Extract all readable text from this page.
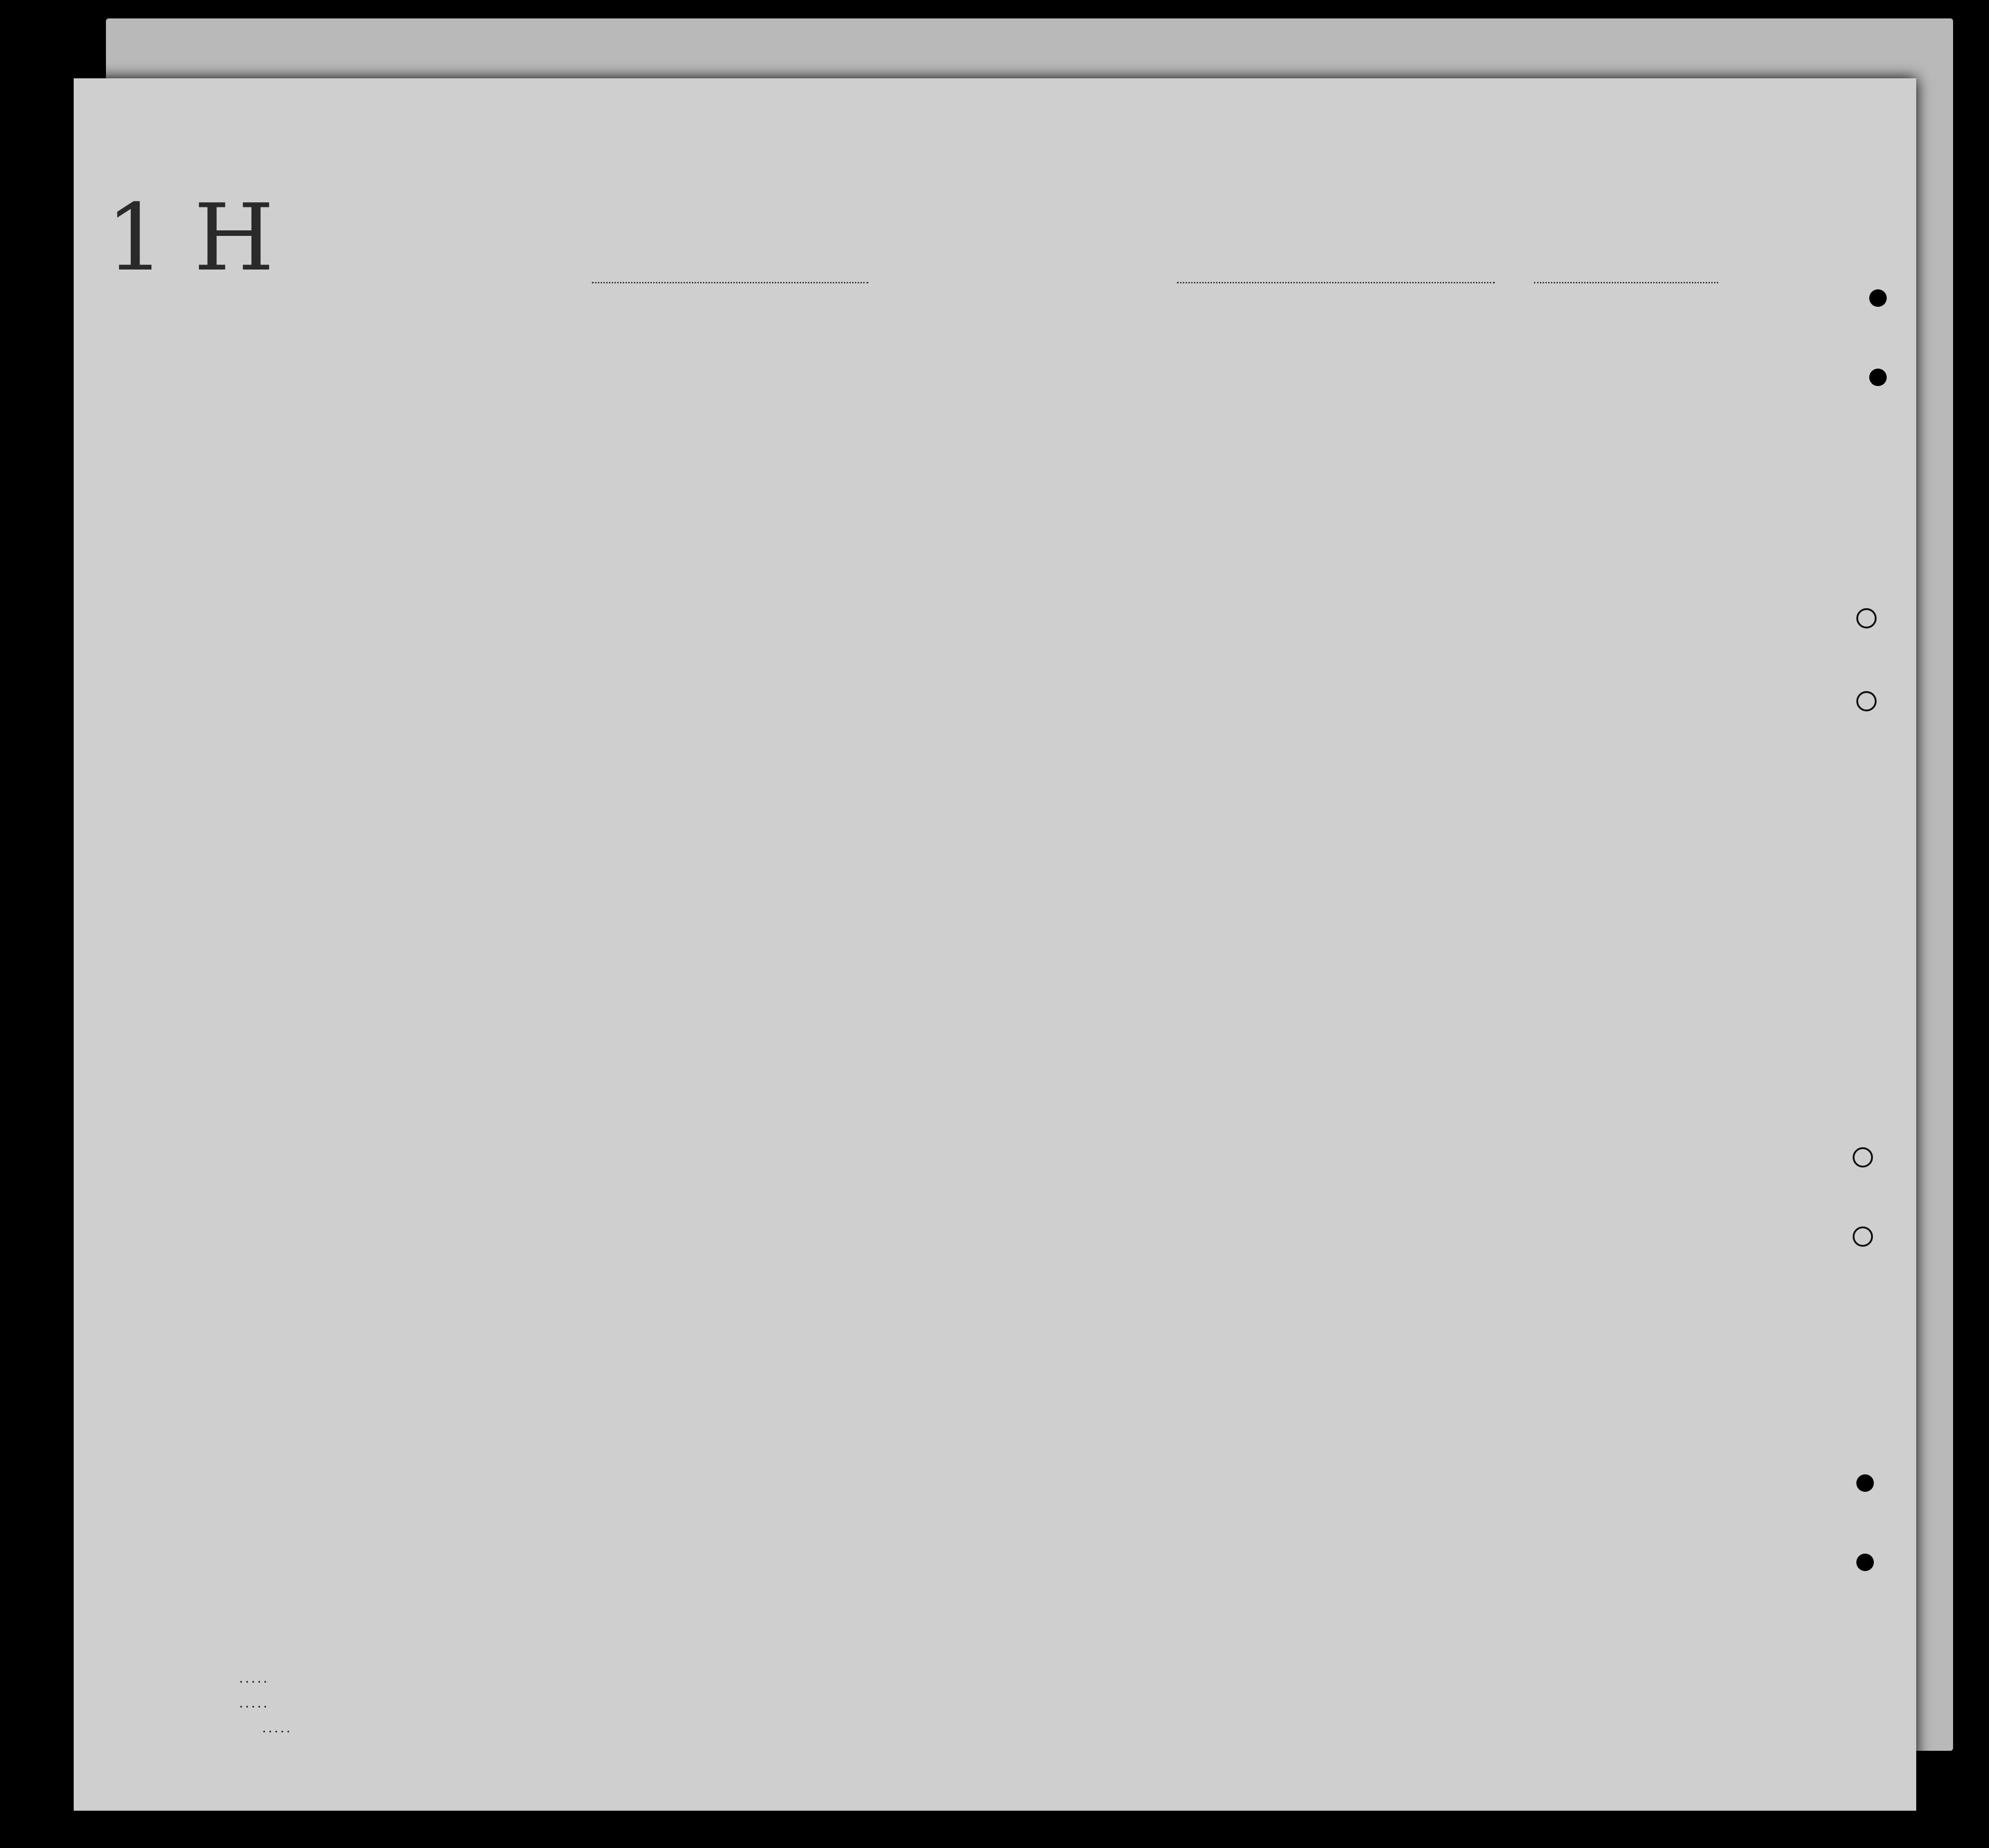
1 H
. . . . .
. . . . .
. . . . .
